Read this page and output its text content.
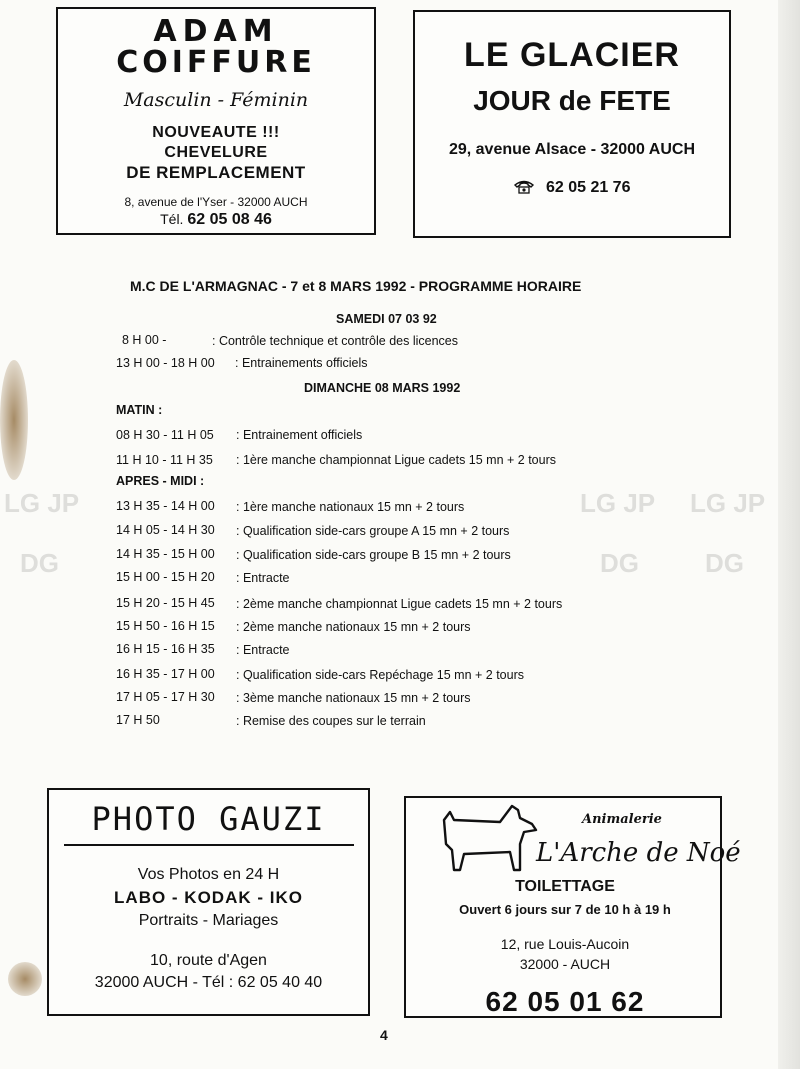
ADAM
COIFFURE
Masculin - Féminin
NOUVEAUTE !!!
CHEVELURE
DE REMPLACEMENT
8, avenue de l'Yser - 32000 AUCH
Tél. 62 05 08 46
LE GLACIER
JOUR de FETE
29, avenue Alsace - 32000 AUCH
62 05 21 76
M.C DE L'ARMAGNAC - 7 et 8 MARS 1992 - PROGRAMME HORAIRE
SAMEDI 07 03 92
8 H 00 -	: Contrôle technique et contrôle des licences
13 H 00 - 18 H 00 : Entrainements officiels
DIMANCHE 08 MARS 1992
MATIN :
08 H 30 - 11 H 05 : Entrainement officiels
11 H 10 - 11 H 35 : 1ère manche championnat Ligue cadets 15 mn + 2 tours
APRES - MIDI :
13 H 35 - 14 H 00 : 1ère manche nationaux 15 mn + 2 tours
14 H 05 - 14 H 30 : Qualification side-cars groupe A 15 mn + 2 tours
14 H 35 - 15 H 00 : Qualification side-cars groupe B 15 mn + 2 tours
15 H 00 - 15 H 20 : Entracte
15 H 20 - 15 H 45 : 2ème manche championnat Ligue cadets 15 mn + 2 tours
15 H 50 - 16 H 15 : 2ème manche nationaux 15 mn + 2 tours
16 H 15 - 16 H 35 : Entracte
16 H 35 - 17 H 00 : Qualification side-cars Repéchage 15 mn + 2 tours
17 H 05 - 17 H 30 : 3ème manche nationaux 15 mn + 2 tours
17 H 50	: Remise des coupes sur le terrain
LG JP
DG
LG JP
DG
LG JP
DG
PHOTO GAUZI
Vos Photos en 24 H
LABO - KODAK - IKO
Portraits - Mariages
10, route d'Agen
32000 AUCH - Tél : 62 05 40 40
TOILETTAGE
Ouvert 6 jours sur 7 de 10 h à 19 h
12, rue Louis-Aucoin
32000 - AUCH
62 05 01 62
Animalerie
L'Arche de Noé
4
